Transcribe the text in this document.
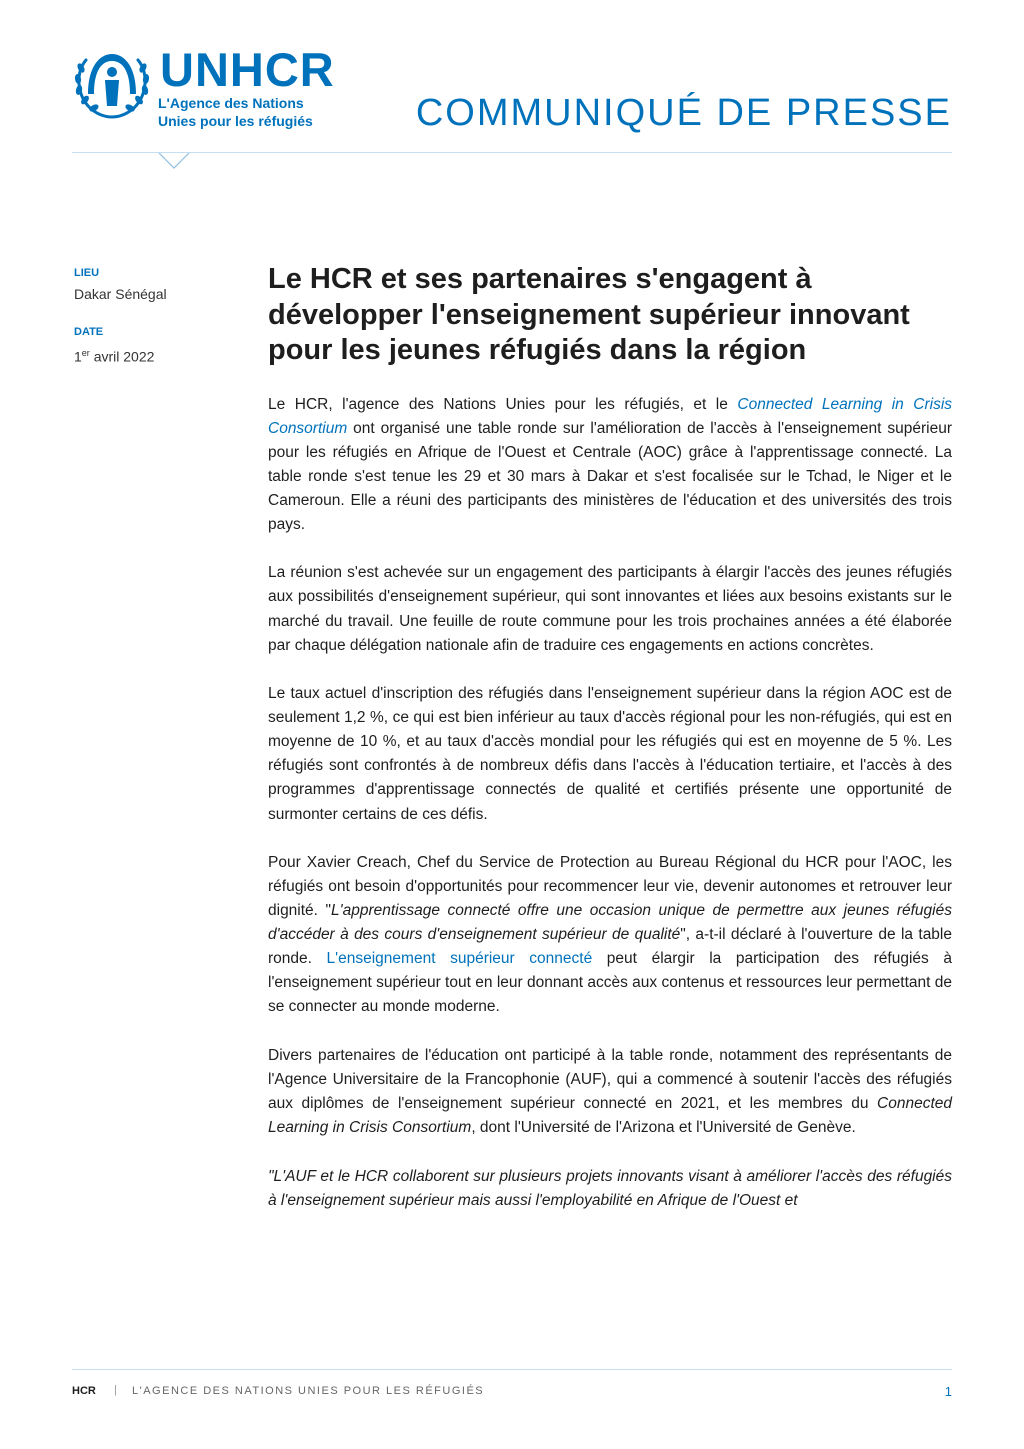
UNHCR
L'Agence des Nations
Unies pour les réfugiés	COMMUNIQUÉ DE PRESSE
LIEU
Dakar Sénégal
DATE
1er avril 2022
Le HCR et ses partenaires s'engagent à développer l'enseignement supérieur innovant pour les jeunes réfugiés dans la région

Le HCR, l'agence des Nations Unies pour les réfugiés, et le Connected Learning in Crisis Consortium ont organisé une table ronde sur l'amélioration de l'accès à l'enseignement supérieur pour les réfugiés en Afrique de l'Ouest et Centrale (AOC) grâce à l'apprentissage connecté. La table ronde s'est tenue les 29 et 30 mars à Dakar et s'est focalisée sur le Tchad, le Niger et le Cameroun. Elle a réuni des participants des ministères de l'éducation et des universités des trois pays.

La réunion s'est achevée sur un engagement des participants à élargir l'accès des jeunes réfugiés aux possibilités d'enseignement supérieur, qui sont innovantes et liées aux besoins existants sur le marché du travail. Une feuille de route commune pour les trois prochaines années a été élaborée par chaque délégation nationale afin de traduire ces engagements en actions concrètes.

Le taux actuel d'inscription des réfugiés dans l'enseignement supérieur dans la région AOC est de seulement 1,2 %, ce qui est bien inférieur au taux d'accès régional pour les non-réfugiés, qui est en moyenne de 10 %, et au taux d'accès mondial pour les réfugiés qui est en moyenne de 5 %. Les réfugiés sont confrontés à de nombreux défis dans l'accès à l'éducation tertiaire, et l'accès à des programmes d'apprentissage connectés de qualité et certifiés présente une opportunité de surmonter certains de ces défis.

Pour Xavier Creach, Chef du Service de Protection au Bureau Régional du HCR pour l'AOC, les réfugiés ont besoin d'opportunités pour recommencer leur vie, devenir autonomes et retrouver leur dignité. "L'apprentissage connecté offre une occasion unique de permettre aux jeunes réfugiés d'accéder à des cours d'enseignement supérieur de qualité", a-t-il déclaré à l'ouverture de la table ronde. L'enseignement supérieur connecté peut élargir la participation des réfugiés à l'enseignement supérieur tout en leur donnant accès aux contenus et ressources leur permettant de se connecter au monde moderne.

Divers partenaires de l'éducation ont participé à la table ronde, notamment des représentants de l'Agence Universitaire de la Francophonie (AUF), qui a commencé à soutenir l'accès des réfugiés aux diplômes de l'enseignement supérieur connecté en 2021, et les membres du Connected Learning in Crisis Consortium, dont l'Université de l'Arizona et l'Université de Genève.

"L'AUF et le HCR collaborent sur plusieurs projets innovants visant à améliorer l'accès des réfugiés à l'enseignement supérieur mais aussi l'employabilité en Afrique de l'Ouest et

HCR | L'AGENCE DES NATIONS UNIES POUR LES RÉFUGIÉS	1
